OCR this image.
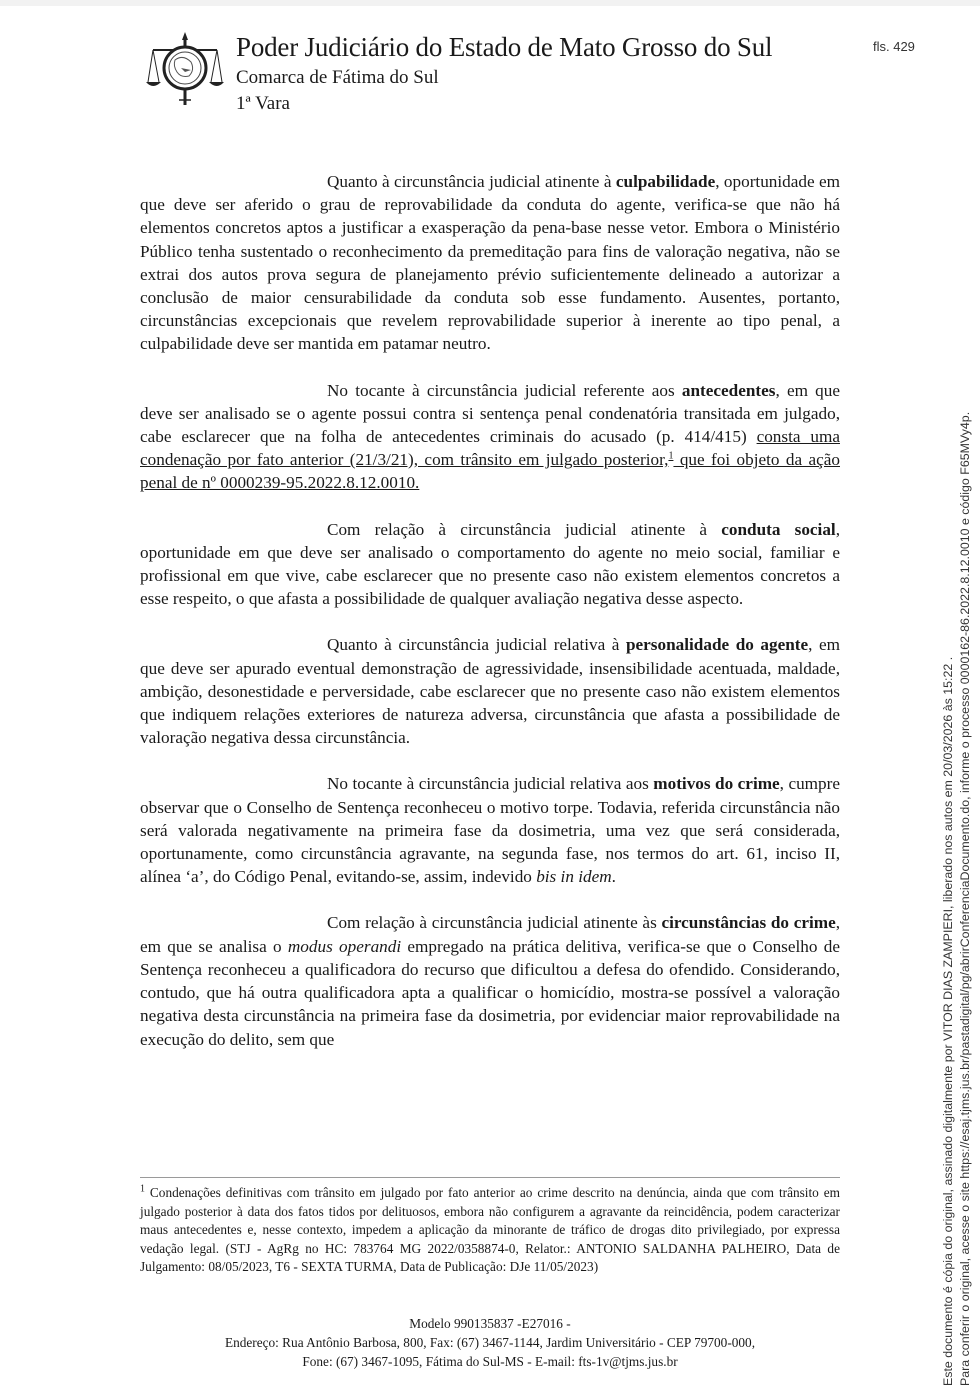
Poder Judiciário do Estado de Mato Grosso do Sul
Comarca de Fátima do Sul
1ª Vara
fls. 429

Quanto à circunstância judicial atinente à culpabilidade, oportunidade em que deve ser aferido o grau de reprovabilidade da conduta do agente, verifica-se que não há elementos concretos aptos a justificar a exasperação da pena-base nesse vetor. Embora o Ministério Público tenha sustentado o reconhecimento da premeditação para fins de valoração negativa, não se extrai dos autos prova segura de planejamento prévio suficientemente delineado a autorizar a conclusão de maior censurabilidade da conduta sob esse fundamento. Ausentes, portanto, circunstâncias excepcionais que revelem reprovabilidade superior à inerente ao tipo penal, a culpabilidade deve ser mantida em patamar neutro.

No tocante à circunstância judicial referente aos antecedentes, em que deve ser analisado se o agente possui contra si sentença penal condenatória transitada em julgado, cabe esclarecer que na folha de antecedentes criminais do acusado (p. 414/415) consta uma condenação por fato anterior (21/3/21), com trânsito em julgado posterior,$^1$ que foi objeto da ação penal de nº 0000239-95.2022.8.12.0010.

Com relação à circunstância judicial atinente à conduta social, oportunidade em que deve ser analisado o comportamento do agente no meio social, familiar e profissional em que vive, cabe esclarecer que no presente caso não existem elementos concretos a esse respeito, o que afasta a possibilidade de qualquer avaliação negativa desse aspecto.

Quanto à circunstância judicial relativa à personalidade do agente, em que deve ser apurado eventual demonstração de agressividade, insensibilidade acentuada, maldade, ambição, desonestidade e perversidade, cabe esclarecer que no presente caso não existem elementos que indiquem relações exteriores de natureza adversa, circunstância que afasta a possibilidade de valoração negativa dessa circunstância.

No tocante à circunstância judicial relativa aos motivos do crime, cumpre observar que o Conselho de Sentença reconheceu o motivo torpe. Todavia, referida circunstância não será valorada negativamente na primeira fase da dosimetria, uma vez que será considerada, oportunamente, como circunstância agravante, na segunda fase, nos termos do art. 61, inciso II, alínea ‘a’, do Código Penal, evitando-se, assim, indevido bis in idem.

Com relação à circunstância judicial atinente às circunstâncias do crime, em que se analisa o modus operandi empregado na prática delitiva, verifica-se que o Conselho de Sentença reconheceu a qualificadora do recurso que dificultou a defesa do ofendido. Considerando, contudo, que há outra qualificadora apta a qualificar o homicídio, mostra-se possível a valoração negativa desta circunstância na primeira fase da dosimetria, por evidenciar maior reprovabilidade na execução do delito, sem que

$^1$ Condenações definitivas com trânsito em julgado por fato anterior ao crime descrito na denúncia, ainda que com trânsito em julgado posterior à data dos fatos tidos por delituosos, embora não configurem a agravante da reincidência, podem caracterizar maus antecedentes e, nesse contexto, impedem a aplicação da minorante de tráfico de drogas dito privilegiado, por expressa vedação legal. (STJ - AgRg no HC: 783764 MG 2022/0358874-0, Relator.: ANTONIO SALDANHA PALHEIRO, Data de Julgamento: 08/05/2023, T6 - SEXTA TURMA, Data de Publicação: DJe 11/05/2023)
Modelo 990135837 -E27016 -
Endereço: Rua Antônio Barbosa, 800, Fax: (67) 3467-1144, Jardim Universitário - CEP 79700-000,
Fone: (67) 3467-1095, Fátima do Sul-MS - E-mail: fts-1v@tjms.jus.br	Este documento é cópia do original, assinado digitalmente por VITOR DIAS ZAMPIERI, liberado nos autos em 20/03/2026 às 15:22 . Para conferir o original, acesse o site https://esaj.tjms.jus.br/pastadigital/pg/abrirConferenciaDocumento.do, informe o processo 0000162-86.2022.8.12.0010 e código F65MVy4p.
